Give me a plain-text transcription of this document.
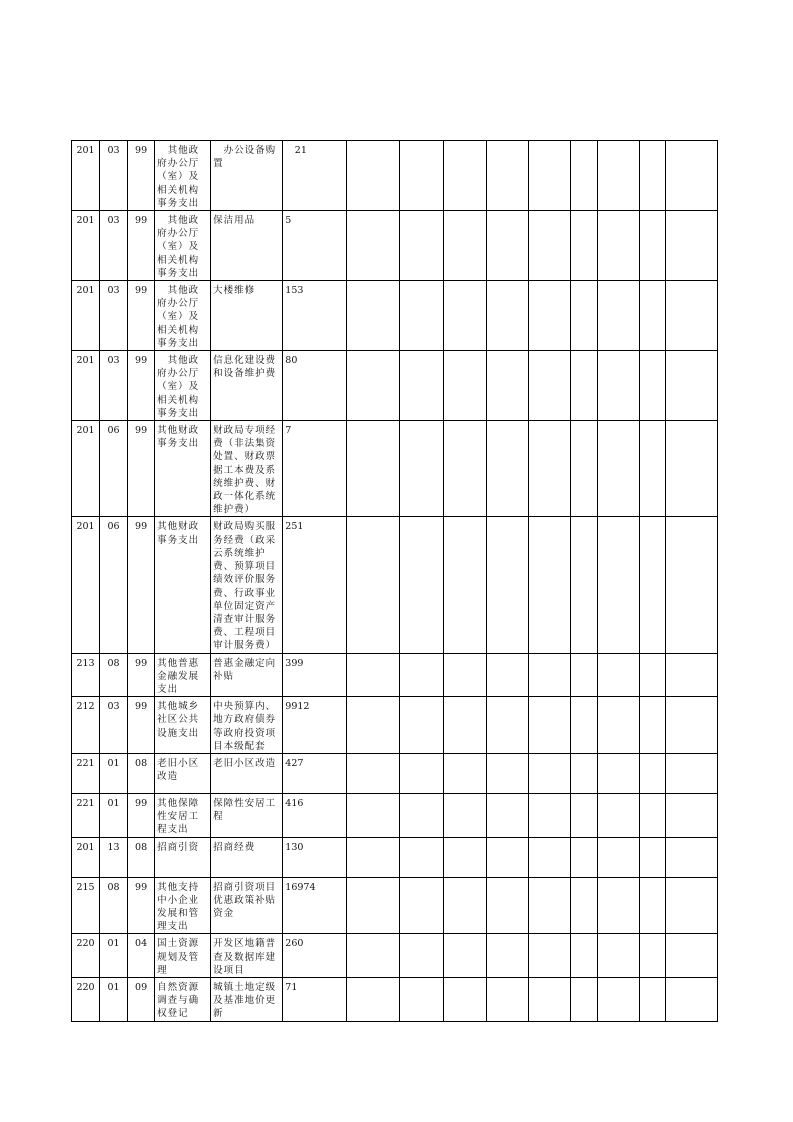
201	03	99	　其他政府办公厅（室）及相关机构事务支出	　办公设备购置	　21									
201	03	99	　其他政府办公厅（室）及相关机构事务支出	保洁用品	5									
201	03	99	　其他政府办公厅（室）及相关机构事务支出	大楼维修	153									
201	03	99	　其他政府办公厅（室）及相关机构事务支出	信息化建设费和设备维护费	80									
201	06	99	其他财政事务支出	财政局专项经费（非法集资处置、财政票据工本费及系统维护费、财政一体化系统维护费）	7									
201	06	99	其他财政事务支出	财政局购买服务经费（政采云系统维护费、预算项目绩效评价服务费、行政事业单位固定资产清查审计服务费、工程项目审计服务费）	251									
213	08	99	其他普惠金融发展支出	普惠金融定向补贴	399									
212	03	99	其他城乡社区公共设施支出	中央预算内、地方政府债券等政府投资项目本级配套	9912									
221	01	08	老旧小区改造	老旧小区改造	427									
221	01	99	其他保障性安居工程支出	保障性安居工程	416									
201	13	08	招商引资	招商经费	130									
215	08	99	其他支持中小企业发展和管理支出	招商引资项目优惠政策补贴资金	16974									
220	01	04	国土资源规划及管理	开发区地籍普查及数据库建设项目	260									
220	01	09	自然资源调查与确权登记	城镇土地定级及基准地价更新	71									
